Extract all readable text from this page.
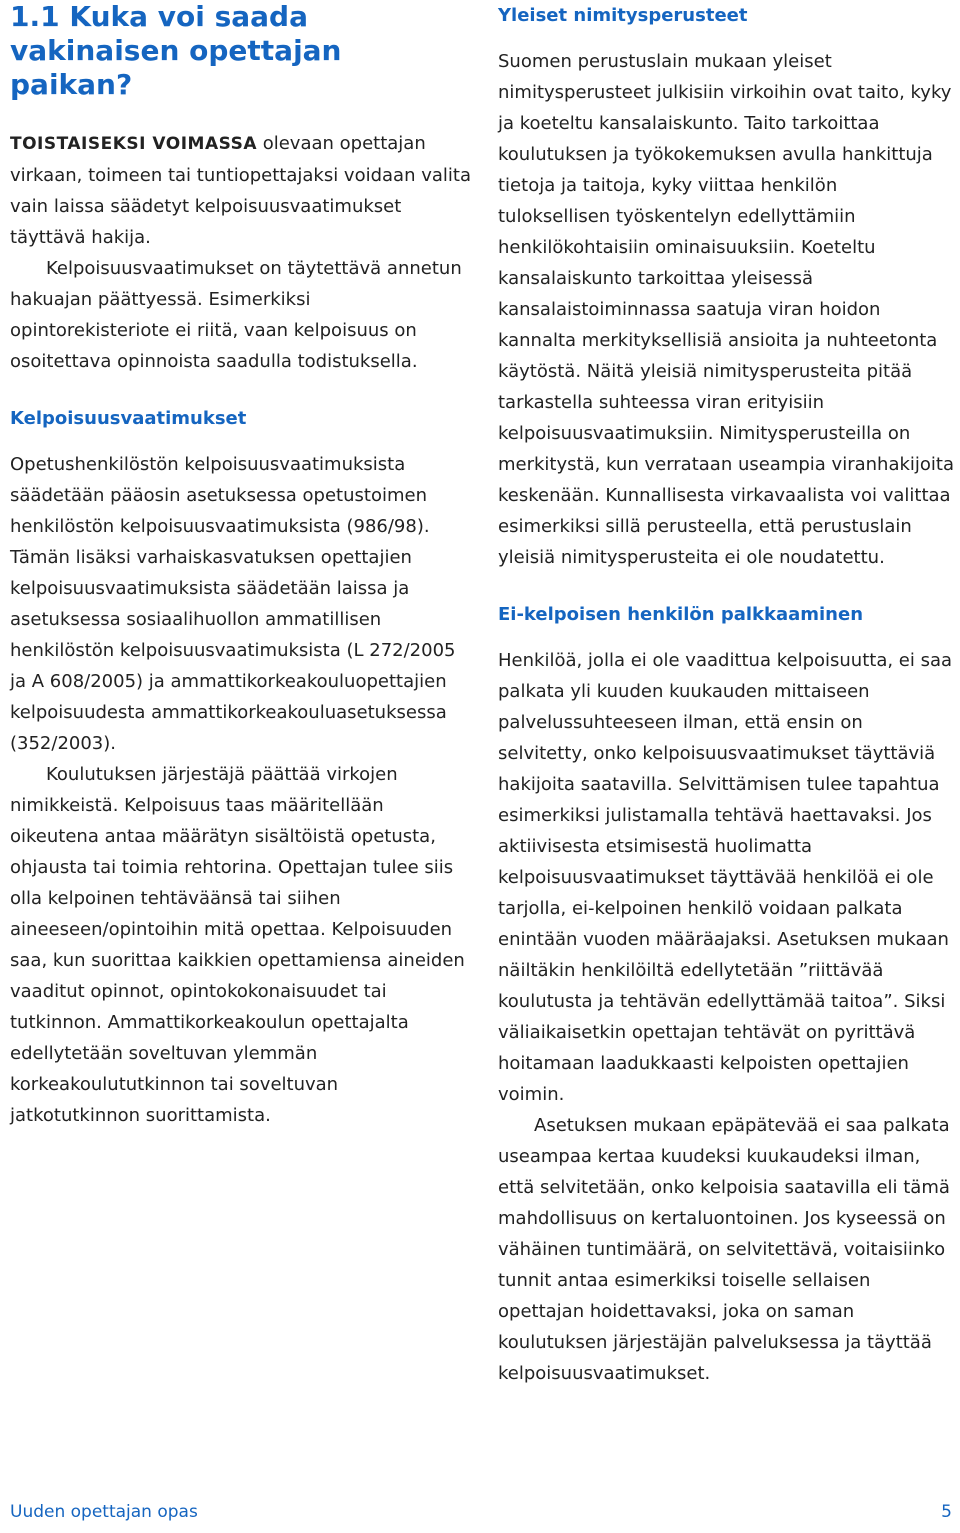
1.1 Kuka voi saada vakinaisen opettajan paikan?

TOISTAISEKSI VOIMASSA olevaan opettajan virkaan, toimeen tai tuntiopettajaksi voidaan valita vain laissa säädetyt kelpoisuusvaatimukset täyttävä hakija.

Kelpoisuusvaatimukset on täytettävä annetun hakuajan päättyessä. Esimerkiksi opintorekisteriote ei riitä, vaan kelpoisuus on osoitettava opinnoista saadulla todistuksella.

Kelpoisuusvaatimukset

Opetushenkilöstön kelpoisuusvaatimuksista säädetään pääosin asetuksessa opetustoimen henkilöstön kelpoisuusvaatimuksista (986/98). Tämän lisäksi varhaiskasvatuksen opettajien kelpoisuusvaatimuksista säädetään laissa ja asetuksessa sosiaalihuollon ammatillisen henkilöstön kelpoisuusvaatimuksista (L 272/2005 ja A 608/2005) ja ammattikorkeakouluopettajien kelpoisuudesta ammattikorkeakouluasetuksessa (352/2003).

Koulutuksen järjestäjä päättää virkojen nimikkeistä. Kelpoisuus taas määritellään oikeutena antaa määrätyn sisältöistä opetusta, ohjausta tai toimia rehtorina. Opettajan tulee siis olla kelpoinen tehtäväänsä tai siihen aineeseen/opintoihin mitä opettaa. Kelpoisuuden saa, kun suorittaa kaikkien opettamiensa aineiden vaaditut opinnot, opintokokonaisuudet tai tutkinnon. Ammattikorkeakoulun opettajalta edellytetään soveltuvan ylemmän korkeakoulututkinnon tai soveltuvan jatkotutkinnon suorittamista.

Yleiset nimitysperusteet

Suomen perustuslain mukaan yleiset nimitysperusteet julkisiin virkoihin ovat taito, kyky ja koeteltu kansalaiskunto. Taito tarkoittaa koulutuksen ja työkokemuksen avulla hankittuja tietoja ja taitoja, kyky viittaa henkilön tuloksellisen työskentelyn edellyttämiin henkilökohtaisiin ominaisuuksiin. Koeteltu kansalaiskunto tarkoittaa yleisessä kansalaistoiminnassa saatuja viran hoidon kannalta merkityksellisiä ansioita ja nuhteetonta käytöstä. Näitä yleisiä nimitysperusteita pitää tarkastella suhteessa viran erityisiin kelpoisuusvaatimuksiin. Nimitysperusteilla on merkitystä, kun verrataan useampia viranhakijoita keskenään. Kunnallisesta virkavaalista voi valittaa esimerkiksi sillä perusteella, että perustuslain yleisiä nimitysperusteita ei ole noudatettu.

Ei-kelpoisen henkilön palkkaaminen

Henkilöä, jolla ei ole vaadittua kelpoisuutta, ei saa palkata yli kuuden kuukauden mittaiseen palvelussuhteeseen ilman, että ensin on selvitetty, onko kelpoisuusvaatimukset täyttäviä hakijoita saatavilla. Selvittämisen tulee tapahtua esimerkiksi julistamalla tehtävä haettavaksi. Jos aktiivisesta etsimisestä huolimatta kelpoisuusvaatimukset täyttävää henkilöä ei ole tarjolla, ei-kelpoinen henkilö voidaan palkata enintään vuoden määräajaksi. Asetuksen mukaan näiltäkin henkilöiltä edellytetään ”riittävää koulutusta ja tehtävän edellyttämää taitoa”. Siksi väliaikaisetkin opettajan tehtävät on pyrittävä hoitamaan laadukkaasti kelpoisten opettajien voimin.

Asetuksen mukaan epäpätevää ei saa palkata useampaa kertaa kuudeksi kuukaudeksi ilman, että selvitetään, onko kelpoisia saatavilla eli tämä mahdollisuus on kertaluontoinen. Jos kyseessä on vähäinen tuntimäärä, on selvitettävä, voitaisiinko tunnit antaa esimerkiksi toiselle sellaisen opettajan hoidettavaksi, joka on saman koulutuksen järjestäjän palveluksessa ja täyttää kelpoisuusvaatimukset.

Uuden opettajan opas	5
